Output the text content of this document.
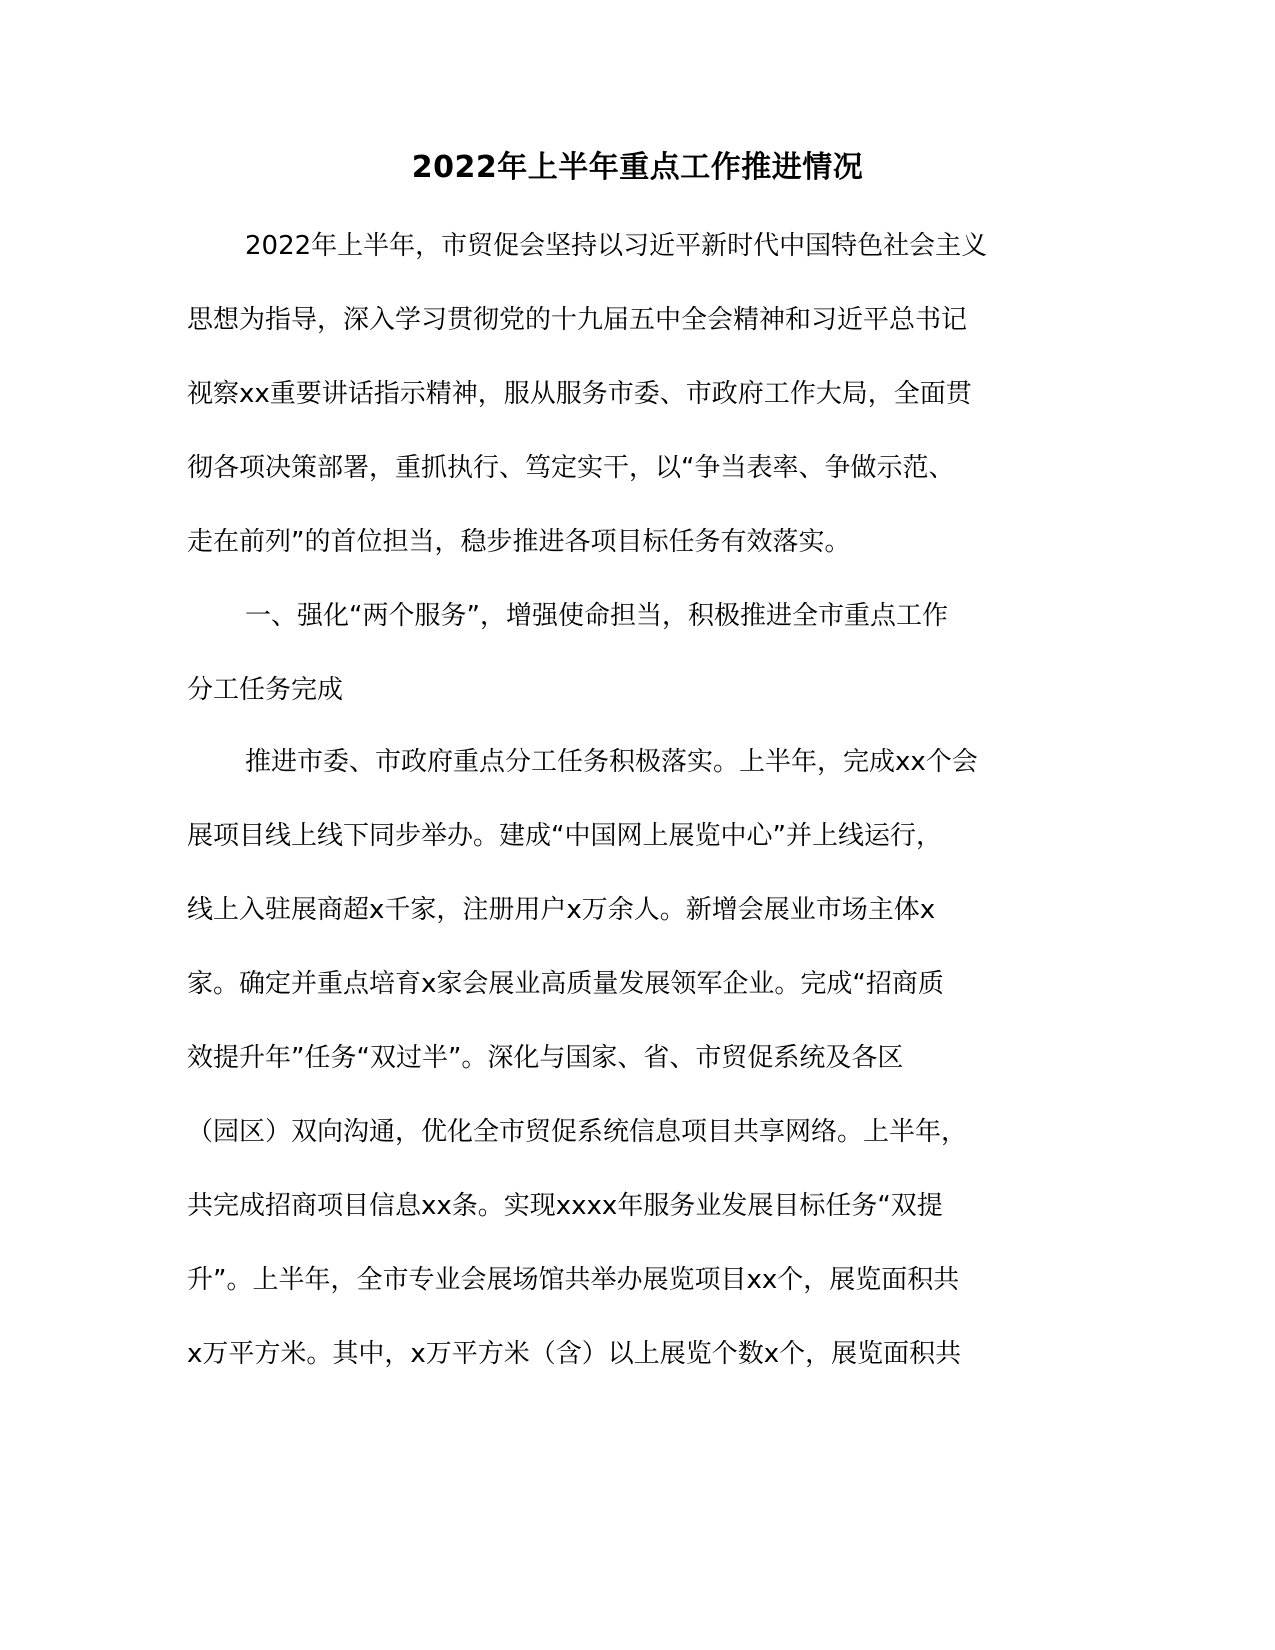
2022年上半年重点工作推进情况

2022年上半年，市贸促会坚持以习近平新时代中国特色社会主义

思想为指导，深入学习贯彻党的十九届五中全会精神和习近平总书记

视察xx重要讲话指示精神，服从服务市委、市政府工作大局，全面贯

彻各项决策部署，重抓执行、笃定实干，以“争当表率、争做示范、

走在前列”的首位担当，稳步推进各项目标任务有效落实。

一、强化“两个服务”，增强使命担当，积极推进全市重点工作

分工任务完成

推进市委、市政府重点分工任务积极落实。上半年，完成xx个会

展项目线上线下同步举办。建成“中国网上展览中心”并上线运行，

线上入驻展商超x千家，注册用户x万余人。新增会展业市场主体x

家。确定并重点培育x家会展业高质量发展领军企业。完成“招商质

效提升年”任务“双过半”。深化与国家、省、市贸促系统及各区

（园区）双向沟通，优化全市贸促系统信息项目共享网络。上半年，

共完成招商项目信息xx条。实现xxxx年服务业发展目标任务“双提

升”。上半年，全市专业会展场馆共举办展览项目xx个，展览面积共

x万平方米。其中，x万平方米（含）以上展览个数x个，展览面积共
